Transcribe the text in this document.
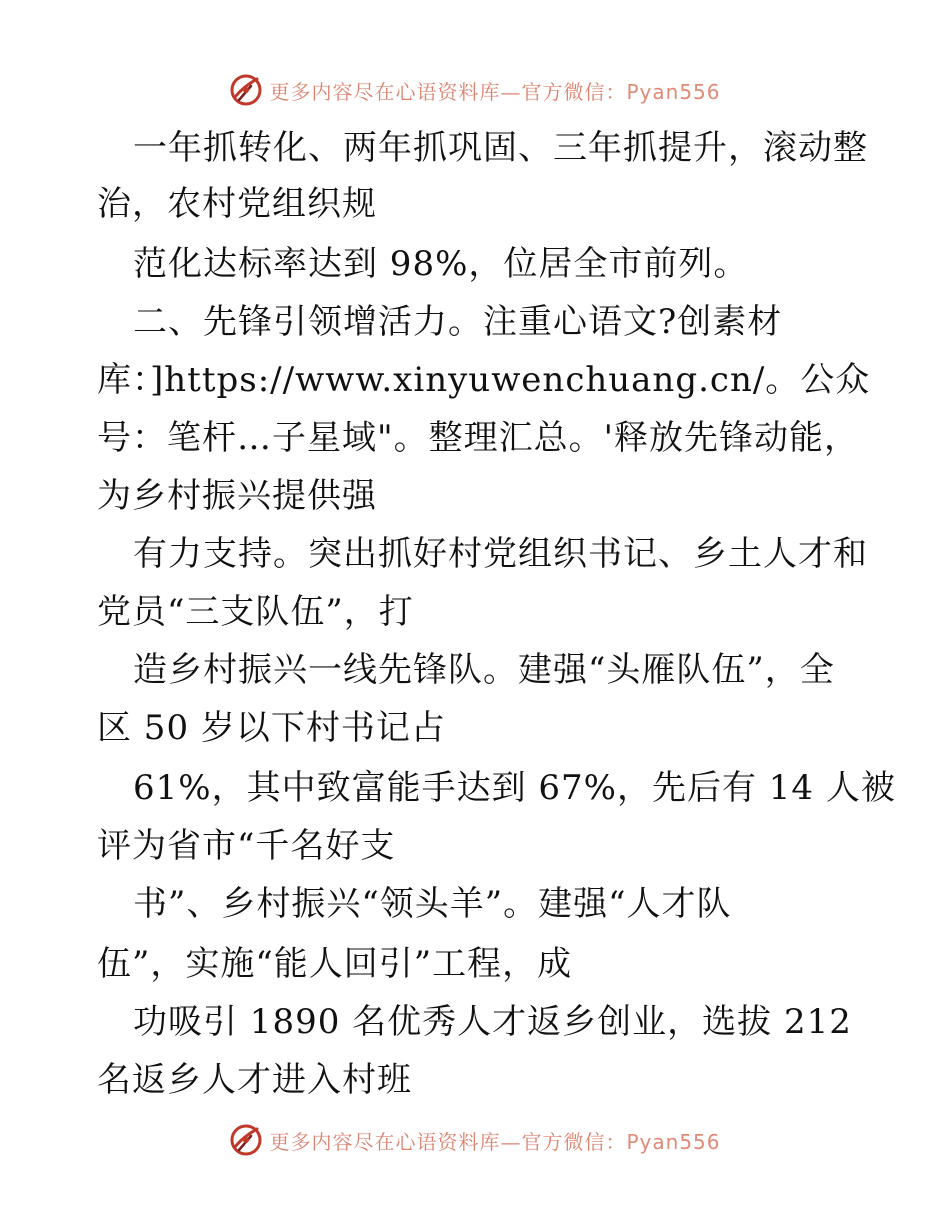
更多内容尽在心语资料库—官方微信：Pyan556
一年抓转化、两年抓巩固、三年抓提升，滚动整
治，农村党组织规
范化达标率达到 98%，位居全市前列。
二、先锋引领增活力。注重心语文?创素材
库：]https://www.xinyuwenchuang.cn/。公众
号：笔杆…子星域"。整理汇总。'释放先锋动能，
为乡村振兴提供强
有力支持。突出抓好村党组织书记、乡土人才和
党员“三支队伍”，打
造乡村振兴一线先锋队。建强“头雁队伍”，全
区 50 岁以下村书记占
61%，其中致富能手达到 67%，先后有 14 人被
评为省市“千名好支
书”、乡村振兴“领头羊”。建强“人才队
伍”，实施“能人回引”工程，成
功吸引 1890 名优秀人才返乡创业，选拔 212
名返乡人才进入村班
更多内容尽在心语资料库—官方微信：Pyan556
